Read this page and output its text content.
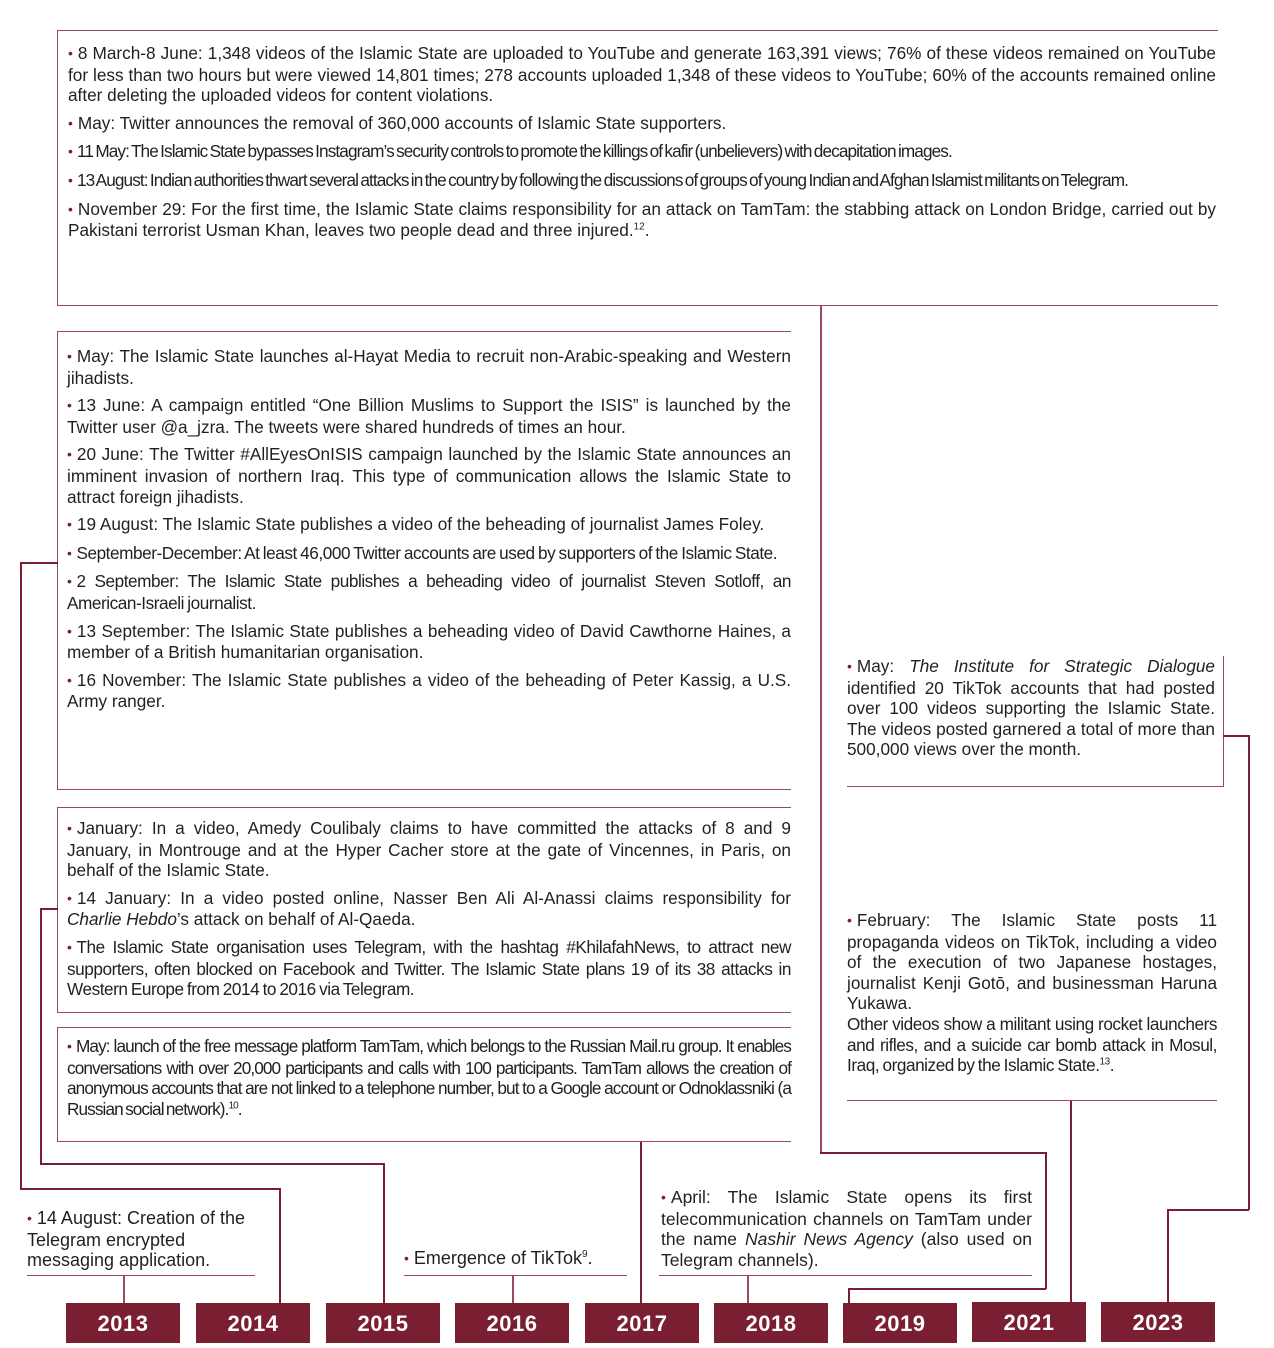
• 8 March-8 June: 1,348 videos of the Islamic State are uploaded to YouTube and generate 163,391 views; 76% of these videos remained on YouTube for less than two hours but were viewed 14,801 times; 278 accounts uploaded 1,348 of these videos to YouTube; 60% of the accounts remained online after deleting the uploaded videos for content violations.

• May: Twitter announces the removal of 360,000 accounts of Islamic State supporters.

• 11 May: The Islamic State bypasses Instagram’s security controls to promote the killings of kafir (unbelievers) with decapitation images.

• 13 August: Indian authorities thwart several attacks in the country by following the discussions of groups of young Indian and Afghan Islamist militants on Telegram.

• November 29: For the first time, the Islamic State claims responsibility for an attack on TamTam: the stabbing attack on London Bridge, carried out by Pakistani terrorist Usman Khan, leaves two people dead and three injured.$^{12}$.

• May: The Islamic State launches al-Hayat Media to recruit non-Arabic-speaking and Western jihadists.

• 13 June: A campaign entitled “One Billion Muslims to Support the ISIS” is launched by the Twitter user @a_jzra. The tweets were shared hundreds of times an hour.

• 20 June: The Twitter #AllEyesOnISIS campaign launched by the Islamic State announces an imminent invasion of northern Iraq. This type of communication allows the Islamic State to attract foreign jihadists.

• 19 August: The Islamic State publishes a video of the beheading of journalist James Foley.

• September-December: At least 46,000 Twitter accounts are used by supporters of the Islamic State.

• 2 September: The Islamic State publishes a beheading video of journalist Steven Sotloff, an American-Israeli journalist.

• 13 September: The Islamic State publishes a beheading video of David Cawthorne Haines, a member of a British humanitarian organisation.

• 16 November: The Islamic State publishes a video of the beheading of Peter Kassig, a U.S. Army ranger.

• January: In a video, Amedy Coulibaly claims to have committed the attacks of 8 and 9 January, in Montrouge and at the Hyper Cacher store at the gate of Vincennes, in Paris, on behalf of the Islamic State.

• 14 January: In a video posted online, Nasser Ben Ali Al-Anassi claims responsibility for Charlie Hebdo’s attack on behalf of Al-Qaeda.

• The Islamic State organisation uses Telegram, with the hashtag #KhilafahNews, to attract new supporters, often blocked on Facebook and Twitter. The Islamic State plans 19 of its 38 attacks in Western Europe from 2014 to 2016 via Telegram.

• May: launch of the free message platform TamTam, which belongs to the Russian Mail.ru group. It enables conversations with over 20,000 participants and calls with 100 participants. TamTam allows the creation of anonymous accounts that are not linked to a telephone number, but to a Google account or Odnoklassniki (a Russian social network).$^{10}$.

• May: The Institute for Strategic Dialogue identified 20 TikTok accounts that had posted over 100 videos supporting the Islamic State. The videos posted garnered a total of more than 500,000 views over the month.

• February: The Islamic State posts 11 propaganda videos on TikTok, including a video of the execution of two Japanese hostages, journalist Kenji Gotō, and businessman Haruna Yukawa.

Other videos show a militant using rocket launchers and rifles, and a suicide car bomb attack in Mosul, Iraq, organized by the Islamic State.$^{13}$.

• 14 August: Creation of the Telegram encrypted messaging application.	• Emergence of TikTok$^9$.

• April: The Islamic State opens its first telecommunication channels on TamTam under the name Nashir News Agency (also used on Telegram channels).

2013	2014	2015	2016	2017	2018	2019	2021	2023
